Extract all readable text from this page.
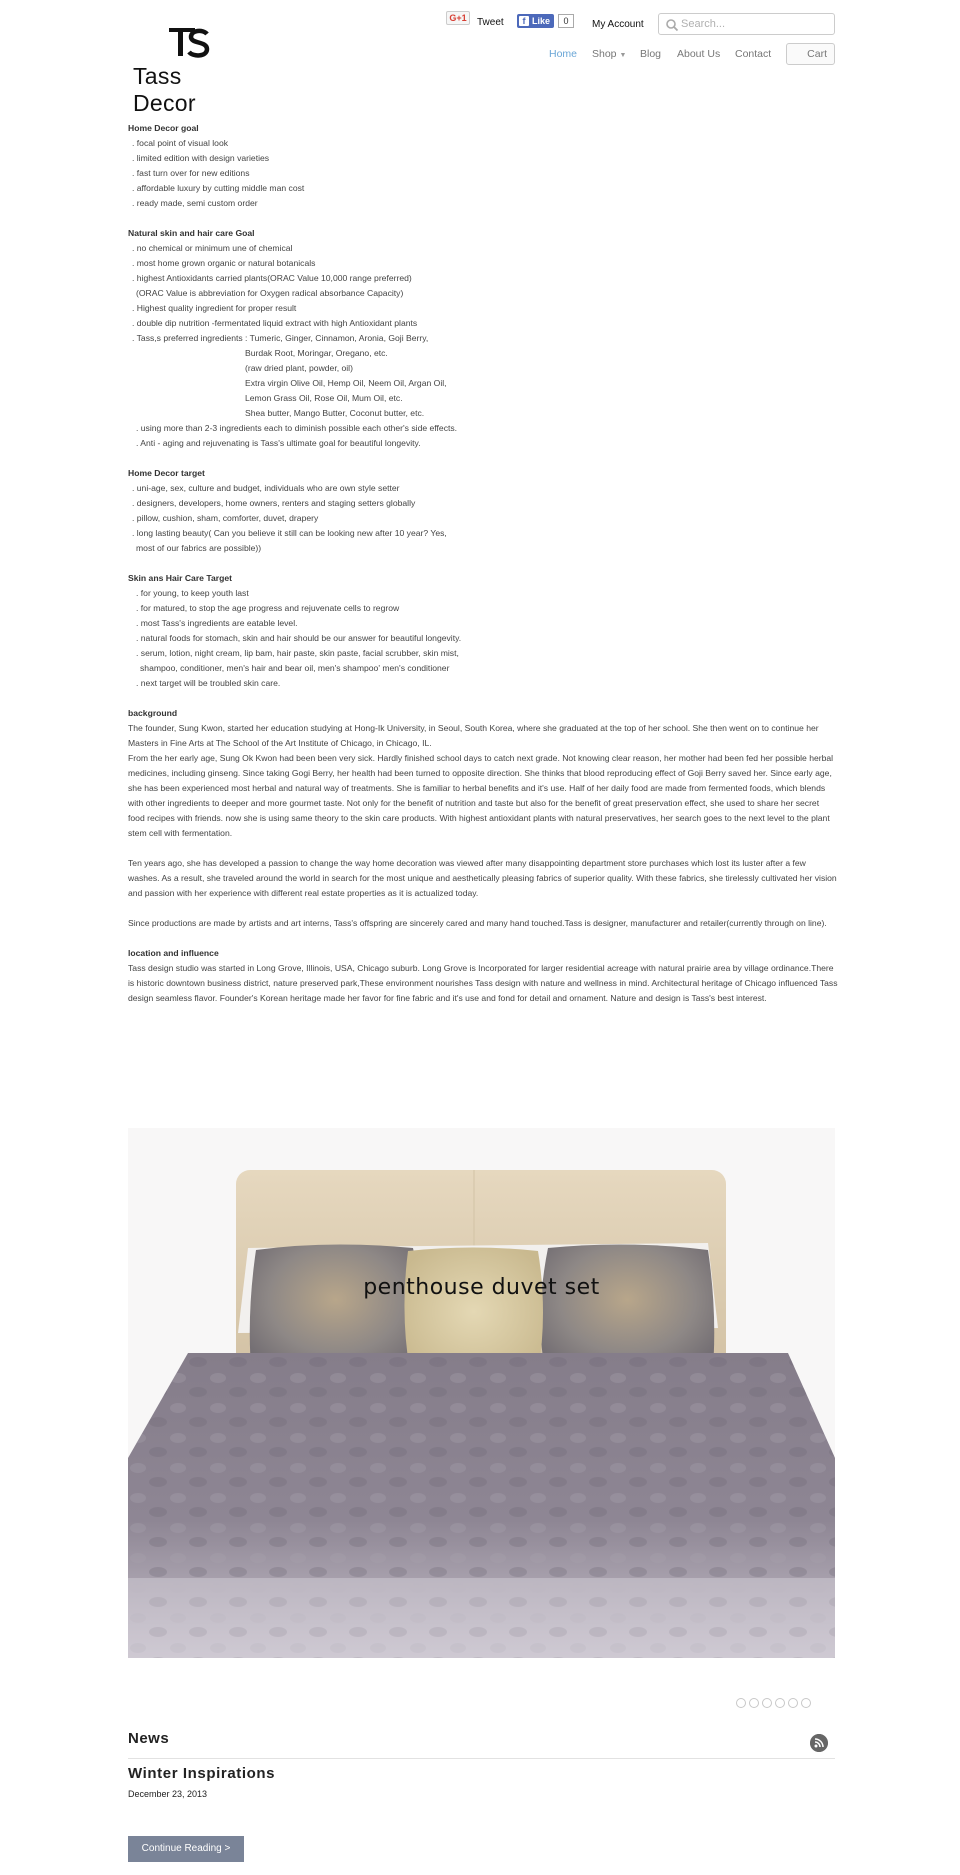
Tass Decor
G+1	Tweet	f Like	0	My Account
Search...
Home Shop ▼ Blog About Us Contact	Cart
Home Decor goal
. focal point of visual look
. limited edition with design varieties
. fast turn over for new editions
. affordable luxury by cutting middle man cost
. ready made, semi custom order
Natural skin and hair care Goal
. no chemical or minimum une of chemical
. most home grown organic or natural botanicals
. highest Antioxidants carried plants(ORAC Value 10,000 range preferred)
(ORAC Value is abbreviation for Oxygen radical absorbance Capacity)
. Highest quality ingredient for proper result
. double dip nutrition -fermentated liquid extract with high Antioxidant plants
. Tass,s preferred ingredients : Tumeric, Ginger, Cinnamon, Aronia, Goji Berry,
Burdak Root, Moringar, Oregano, etc.
(raw dried plant, powder, oil)
Extra virgin Olive Oil, Hemp Oil, Neem Oil, Argan Oil,
Lemon Grass Oil, Rose Oil, Mum Oil, etc.
Shea butter, Mango Butter, Coconut butter, etc.
. using more than 2-3 ingredients each to diminish possible each other's side effects.
. Anti - aging and rejuvenating is Tass's ultimate goal for beautiful longevity.
Home Decor target
. uni-age, sex, culture and budget, individuals who are own style setter
. designers, developers, home owners, renters and staging setters globally
. pillow, cushion, sham, comforter, duvet, drapery
. long lasting beauty( Can you believe it still can be looking new after 10 year? Yes,
most of our fabrics are possible))
Skin ans Hair Care Target
. for young, to keep youth last
. for matured, to stop the age progress and rejuvenate cells to regrow
. most Tass's ingredients are eatable level.
. natural foods for stomach, skin and hair should be our answer for beautiful longevity.
. serum, lotion, night cream, lip bam, hair paste, skin paste, facial scrubber, skin mist,
shampoo, conditioner, men's hair and bear oil, men's shampoo' men's conditioner
. next target will be troubled skin care.
background

The founder, Sung Kwon, started her education studying at Hong-Ik University, in Seoul, South Korea, where she graduated at the top of her school. She then went on to continue her Masters in Fine Arts at The School of the Art Institute of Chicago, in Chicago, IL.

From the her early age, Sung Ok Kwon had been been very sick. Hardly finished school days to catch next grade. Not knowing clear reason, her mother had been fed her possible herbal medicines, including ginseng. Since taking Gogi Berry, her health had been turned to opposite direction. She thinks that blood reproducing effect of Goji Berry saved her. Since early age, she has been experienced most herbal and natural way of treatments. She is familiar to herbal benefits and it's use. Half of her daily food are made from fermented foods, which blends with other ingredients to deeper and more gourmet taste. Not only for the benefit of nutrition and taste but also for the benefit of great preservation effect, she used to share her secret food recipes with friends. now she is using same theory to the skin care products. With highest antioxidant plants with natural preservatives, her search goes to the next level to the plant stem cell with fermentation.

Ten years ago, she has developed a passion to change the way home decoration was viewed after many disappointing department store purchases which lost its luster after a few washes. As a result, she traveled around the world in search for the most unique and aesthetically pleasing fabrics of superior quality. With these fabrics, she tirelessly cultivated her vision and passion with her experience with different real estate properties as it is actualized today.

Since productions are made by artists and art interns, Tass's offspring are sincerely cared and many hand touched.Tass is designer, manufacturer and retailer(currently through on line).

location and influence

Tass design studio was started in Long Grove, Illinois, USA, Chicago suburb. Long Grove is Incorporated for larger residential acreage with natural prairie area by village ordinance.There is historic downtown business district, nature preserved park,These environment nourishes Tass design with nature and wellness in mind. Architectural heritage of Chicago influenced Tass design seamless flavor. Founder's Korean heritage made her favor for fine fabric and it's use and fond for detail and ornament. Nature and design is Tass's best interest.

penthouse duvet set
News
Winter Inspirations
December 23, 2013
Continue Reading >
